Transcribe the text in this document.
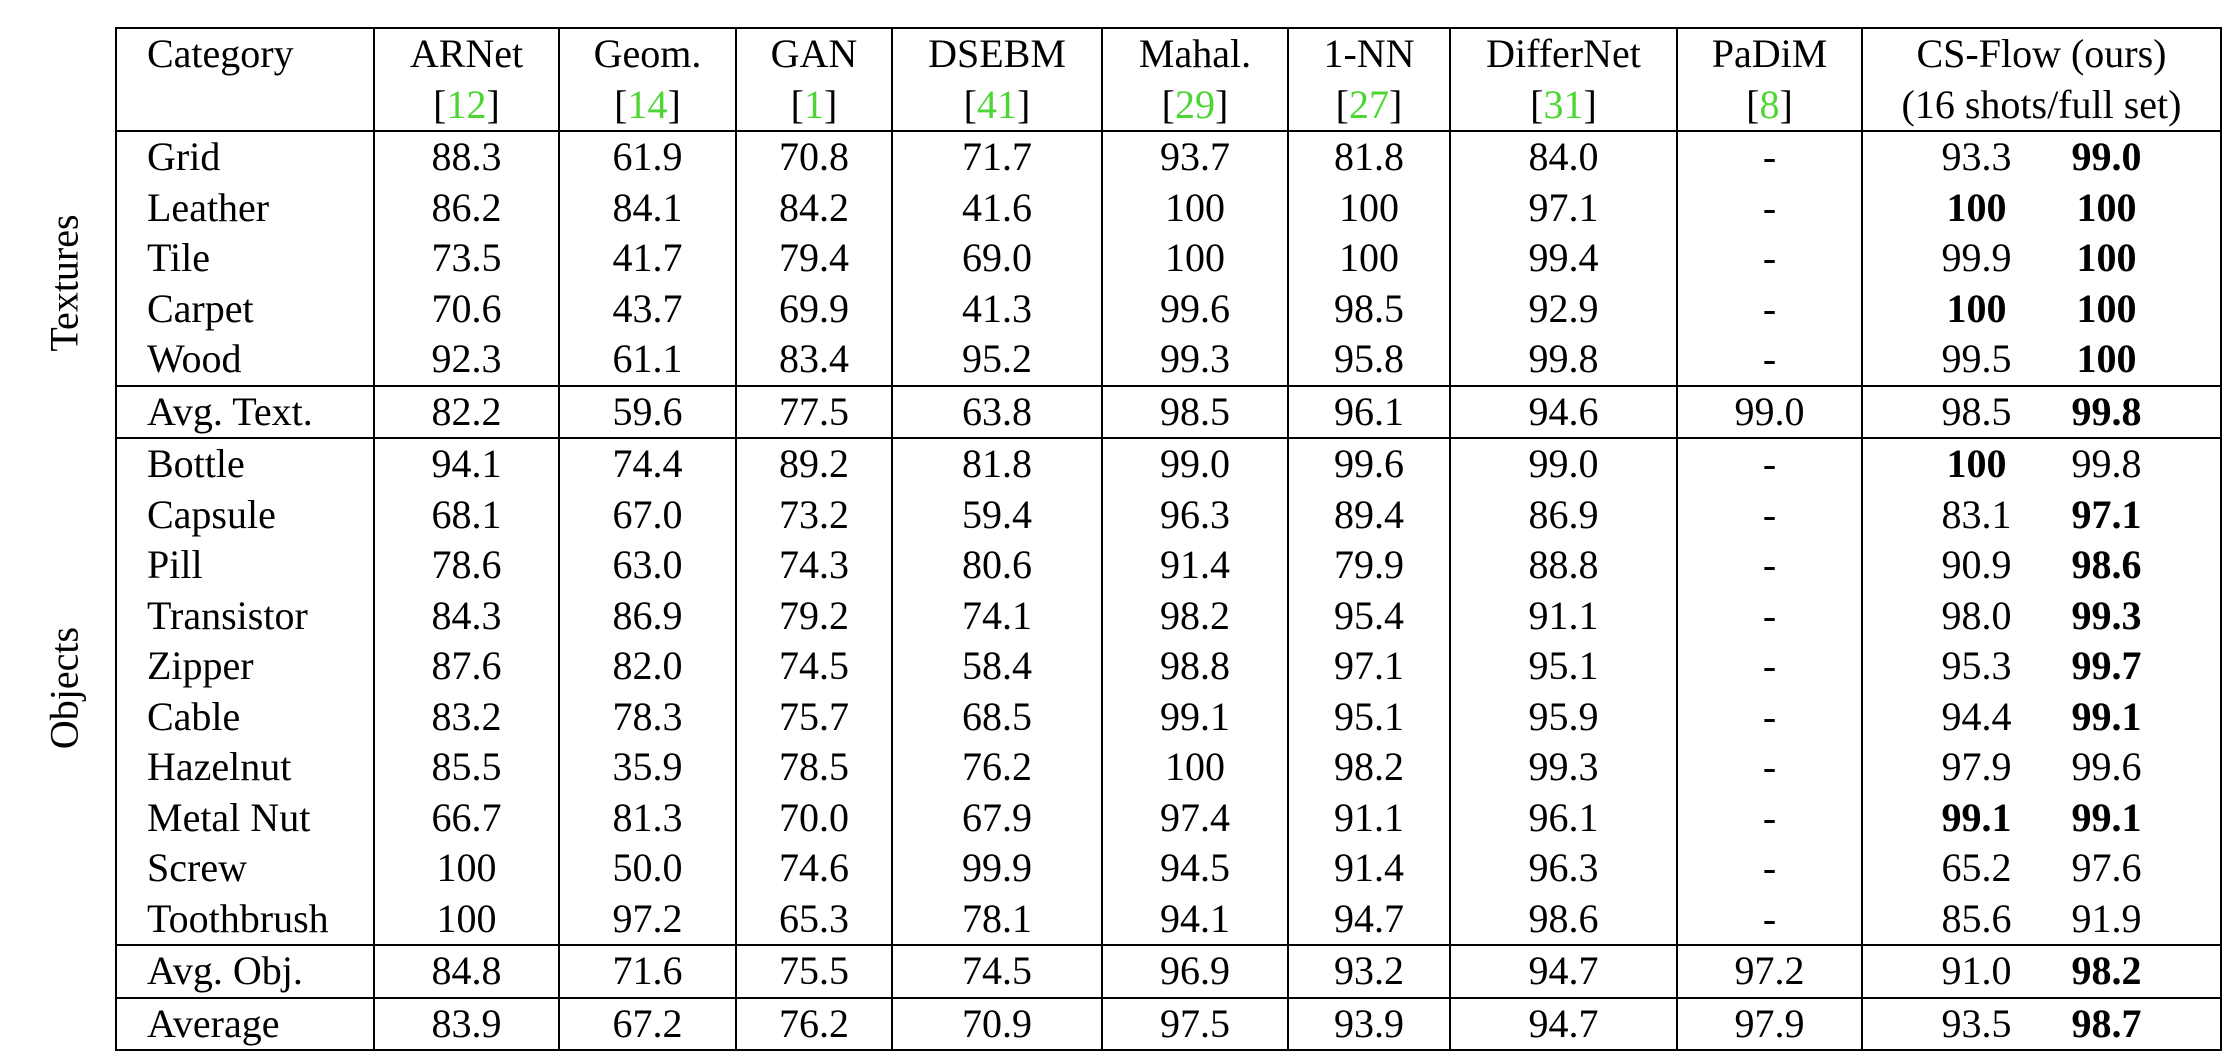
Textures
Objects
Category	ARNet	Geom.	GAN	DSEBM	Mahal.	1-NN	DifferNet	PaDiM	CS-Flow (ours)
	[12]	[14]	[1]	[41]	[29]	[27]	[31]	[8]	(16 shots/full set)
Grid	88.3	61.9	70.8	71.7	93.7	81.8	84.0	-	93.3 99.0
Leather	86.2	84.1	84.2	41.6	100	100	97.1	-	100 100
Tile	73.5	41.7	79.4	69.0	100	100	99.4	-	99.9 100
Carpet	70.6	43.7	69.9	41.3	99.6	98.5	92.9	-	100 100
Wood	92.3	61.1	83.4	95.2	99.3	95.8	99.8	-	99.5 100
Avg. Text.	82.2	59.6	77.5	63.8	98.5	96.1	94.6	99.0	98.5 99.8
Bottle	94.1	74.4	89.2	81.8	99.0	99.6	99.0	-	100 99.8
Capsule	68.1	67.0	73.2	59.4	96.3	89.4	86.9	-	83.1 97.1
Pill	78.6	63.0	74.3	80.6	91.4	79.9	88.8	-	90.9 98.6
Transistor	84.3	86.9	79.2	74.1	98.2	95.4	91.1	-	98.0 99.3
Zipper	87.6	82.0	74.5	58.4	98.8	97.1	95.1	-	95.3 99.7
Cable	83.2	78.3	75.7	68.5	99.1	95.1	95.9	-	94.4 99.1
Hazelnut	85.5	35.9	78.5	76.2	100	98.2	99.3	-	97.9 99.6
Metal Nut	66.7	81.3	70.0	67.9	97.4	91.1	96.1	-	99.1 99.1
Screw	100	50.0	74.6	99.9	94.5	91.4	96.3	-	65.2 97.6
Toothbrush	100	97.2	65.3	78.1	94.1	94.7	98.6	-	85.6 91.9
Avg. Obj.	84.8	71.6	75.5	74.5	96.9	93.2	94.7	97.2	91.0 98.2
Average	83.9	67.2	76.2	70.9	97.5	93.9	94.7	97.9	93.5 98.7
